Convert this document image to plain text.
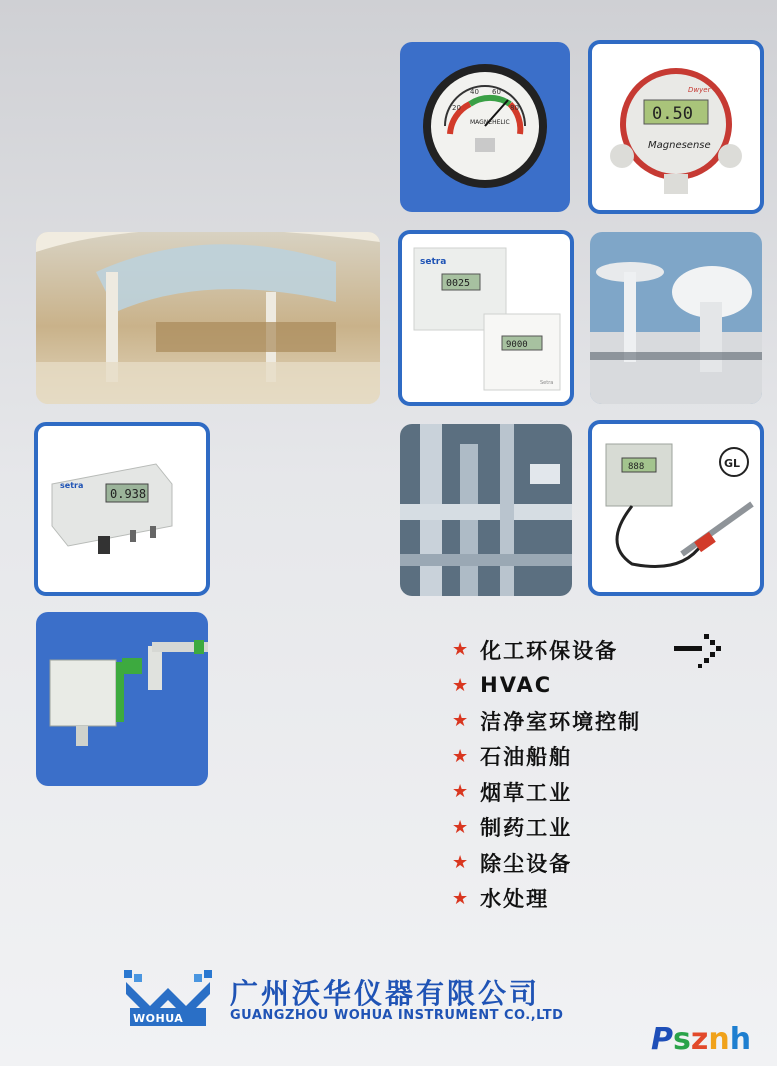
20
40 60
80
MAGNEHELIC	0.50
Dwyer
Magnesense
setra
0025
9000
Setra
setra
0.938
888	GL
★ 化工环保设备
★ HVAC
★ 洁净室环境控制
★ 石油船舶
★ 烟草工业
★ 制药工业
★ 除尘设备
★ 水处理
WOHUA
广州沃华仪器有限公司
GUANGZHOU WOHUA INSTRUMENT CO.,LTD
Psznh
